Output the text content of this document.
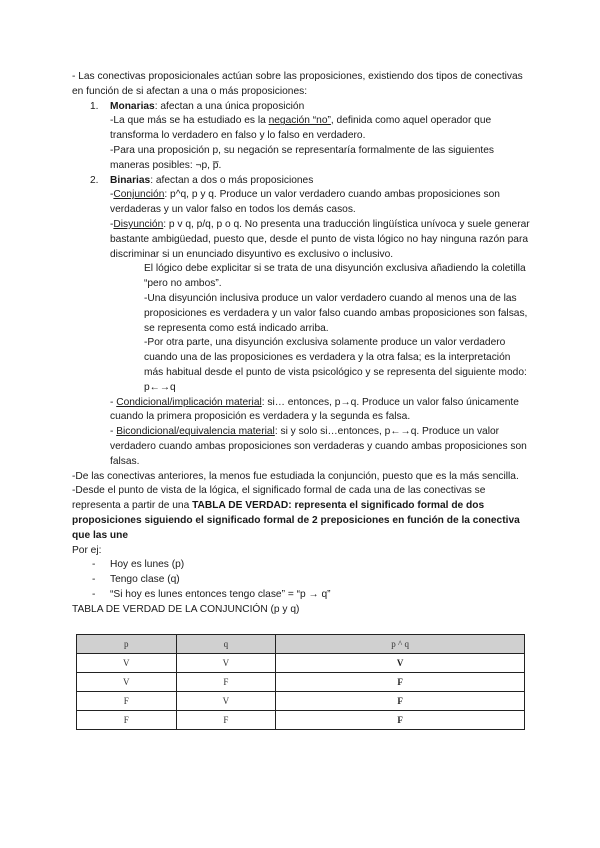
- Las conectivas proposicionales actúan sobre las proposiciones, existiendo dos tipos de conectivas en función de si afectan a una o más proposiciones:

1. Monarias: afectan a una única proposición

-La que más se ha estudiado es la negación “no”, definida como aquel operador que transforma lo verdadero en falso y lo falso en verdadero.

-Para una proposición p, su negación se representaría formalmente de las siguientes maneras posibles: ¬p, p̅.

2. Binarias: afectan a dos o más proposiciones

-Conjunción: p^q, p y q. Produce un valor verdadero cuando ambas proposiciones son verdaderas y un valor falso en todos los demás casos.

-Disyunción: p v q, p/q, p o q. No presenta una traducción lingüística unívoca y suele generar bastante ambigüedad, puesto que, desde el punto de vista lógico no hay ninguna razón para discriminar si un enunciado disyuntivo es exclusivo o inclusivo.

El lógico debe explicitar si se trata de una disyunción exclusiva añadiendo la coletilla “pero no ambos”.

-Una disyunción inclusiva produce un valor verdadero cuando al menos una de las proposiciones es verdadera y un valor falso cuando ambas proposiciones son falsas, se representa como está indicado arriba.

-Por otra parte, una disyunción exclusiva solamente produce un valor verdadero cuando una de las proposiciones es verdadera y la otra falsa; es la interpretación más habitual desde el punto de vista psicológico y se representa del siguiente modo: p←→q

- Condicional/implicación material: si… entonces, p→q. Produce un valor falso únicamente cuando la primera proposición es verdadera y la segunda es falsa.

- Bicondicional/equivalencia material: si y solo si…entonces, p←→q. Produce un valor verdadero cuando ambas proposiciones son verdaderas y cuando ambas proposiciones son falsas.

-De las conectivas anteriores, la menos fue estudiada la conjunción, puesto que es la más sencilla.

-Desde el punto de vista de la lógica, el significado formal de cada una de las conectivas se representa a partir de una TABLA DE VERDAD: representa el significado formal de dos proposiciones siguiendo el significado formal de 2 preposiciones en función de la conectiva que las une

Por ej:

- Hoy es lunes (p)

- Tengo clase (q)

- “Si hoy es lunes entonces tengo clase” = “p → q”

TABLA DE VERDAD DE LA CONJUNCIÓN (p y q)

p	q	p ^ q
V	V	V
V	F	F
F	V	F
F	F	F
